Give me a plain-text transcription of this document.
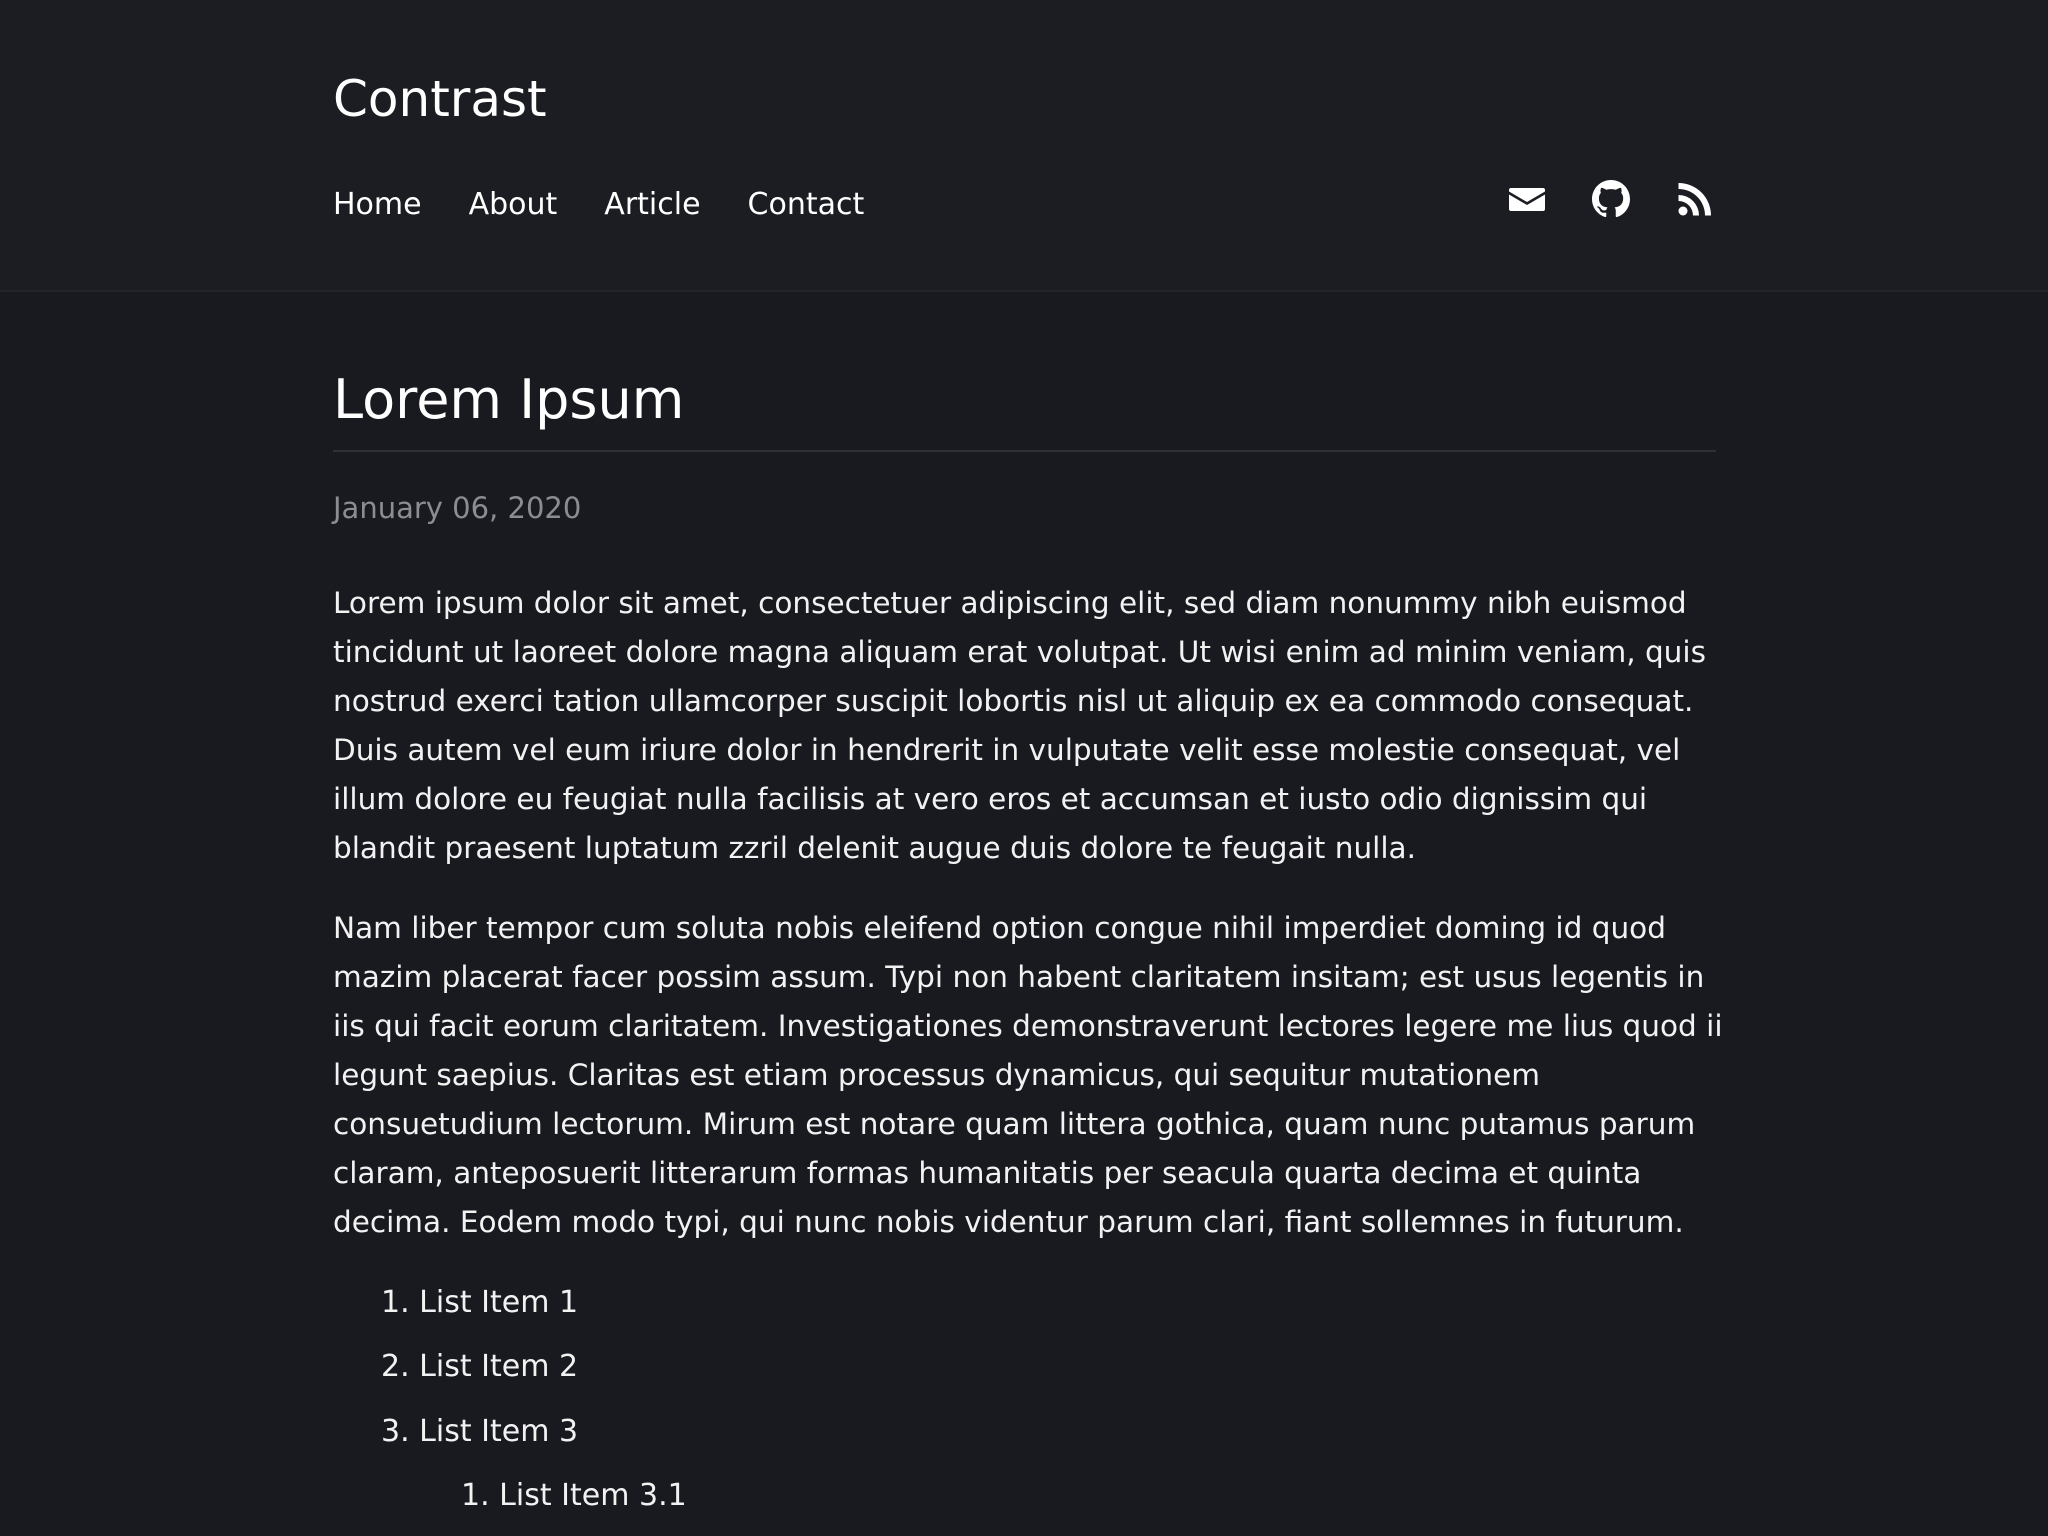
Contrast
Home About Article Contact
Lorem Ipsum
January 06, 2020

Lorem ipsum dolor sit amet, consectetuer adipiscing elit, sed diam nonummy nibh euismod tincidunt ut laoreet dolore magna aliquam erat volutpat. Ut wisi enim ad minim veniam, quis nostrud exerci tation ullamcorper suscipit lobortis nisl ut aliquip ex ea commodo consequat. Duis autem vel eum iriure dolor in hendrerit in vulputate velit esse molestie consequat, vel illum dolore eu feugiat nulla facilisis at vero eros et accumsan et iusto odio dignissim qui blandit praesent luptatum zzril delenit augue duis dolore te feugait nulla.

Nam liber tempor cum soluta nobis eleifend option congue nihil imperdiet doming id quod mazim placerat facer possim assum. Typi non habent claritatem insitam; est usus legentis in iis qui facit eorum claritatem. Investigationes demonstraverunt lectores legere me lius quod ii legunt saepius. Claritas est etiam processus dynamicus, qui sequitur mutationem consuetudium lectorum. Mirum est notare quam littera gothica, quam nunc putamus parum claram, anteposuerit litterarum formas humanitatis per seacula quarta decima et quinta decima. Eodem modo typi, qui nunc nobis videntur parum clari, fiant sollemnes in futurum.

1. List Item 1
2. List Item 2
3. List Item 3
1. List Item 3.1
